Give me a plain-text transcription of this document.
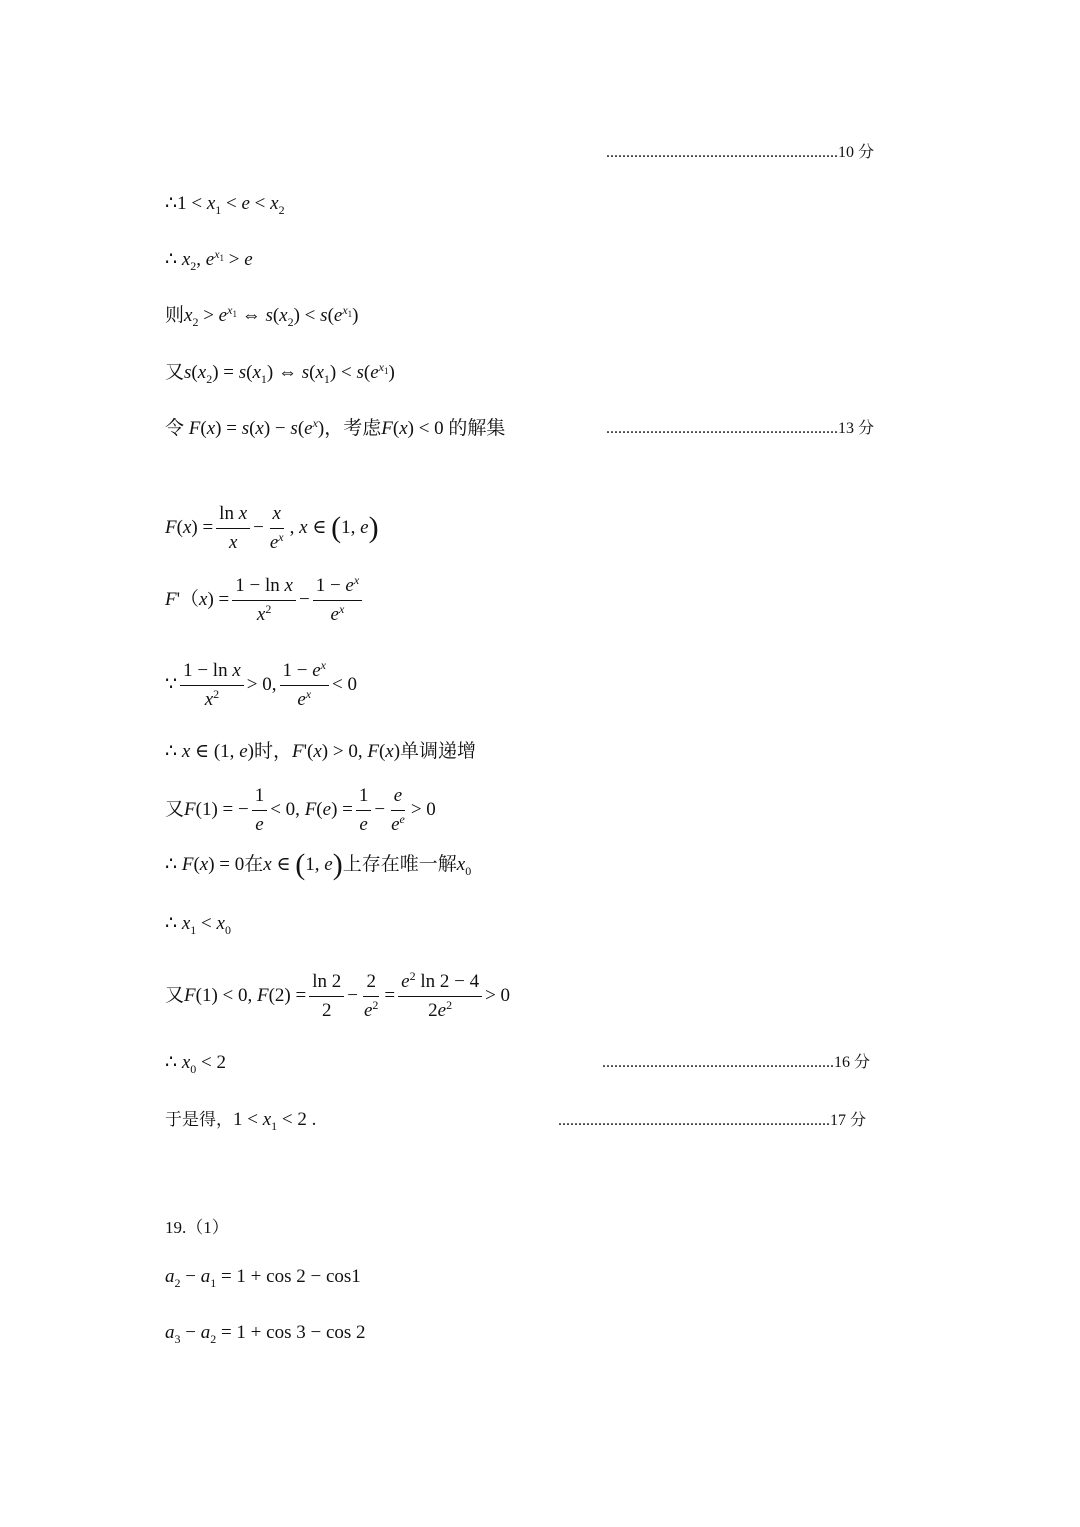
..........................................................10 分
..........................................................13 分
..........................................................16 分
....................................................................17 分
∴1 < $x_1 < e < x_2$
∴ $x_2$, $e^{x_1} > e$
则$x_2 > e^{x_1}$ ⇔ $s(x_2) < s(e^{x_1})$
又$s(x_2) = s(x_1)$ ⇔ $s(x_1) < s(e^{x_1})$
令 $F(x) = s(x) - s(e^x)$，考虑F(x) < 0 的解集
$F(x) = \frac{\text{ln x}}{x} - \frac{x}{e^x}$ , x ∈ (1, e)
$F'(x) = \frac{\text{1 − ln x}}{x^2} - \frac{1 - e^x}{e^x}$
∵ $\frac{\text{1 − ln x}}{x^2} > 0$, $\frac{1 - e^x}{e^x} < 0$
∴ x ∈ (1, e)时，F'(x) > 0, F(x)单调递增
又F(1) = − $\frac{1}{e} < 0$, $F(e) = \frac{1}{e} - \frac{e}{e^e} > 0$
∴ F(x) = 0在x ∈ (1, e)上存在唯一解$x_0$
∴ $x_1 < x_0$
又F(1) < 0, $F(2) = \frac{\ln 2}{2} - \frac{2}{e^2} = \frac{e^2 \ln 2 - 4}{2e^2} > 0$
∴ $x_0 < 2$
于是得，$1 < x_1 < 2$ .
19.（1）
$a_2 - a_1 = 1 + \cos 2 - \cos 1$
$a_3 - a_2 = 1 + \cos 3 - \cos 2$
